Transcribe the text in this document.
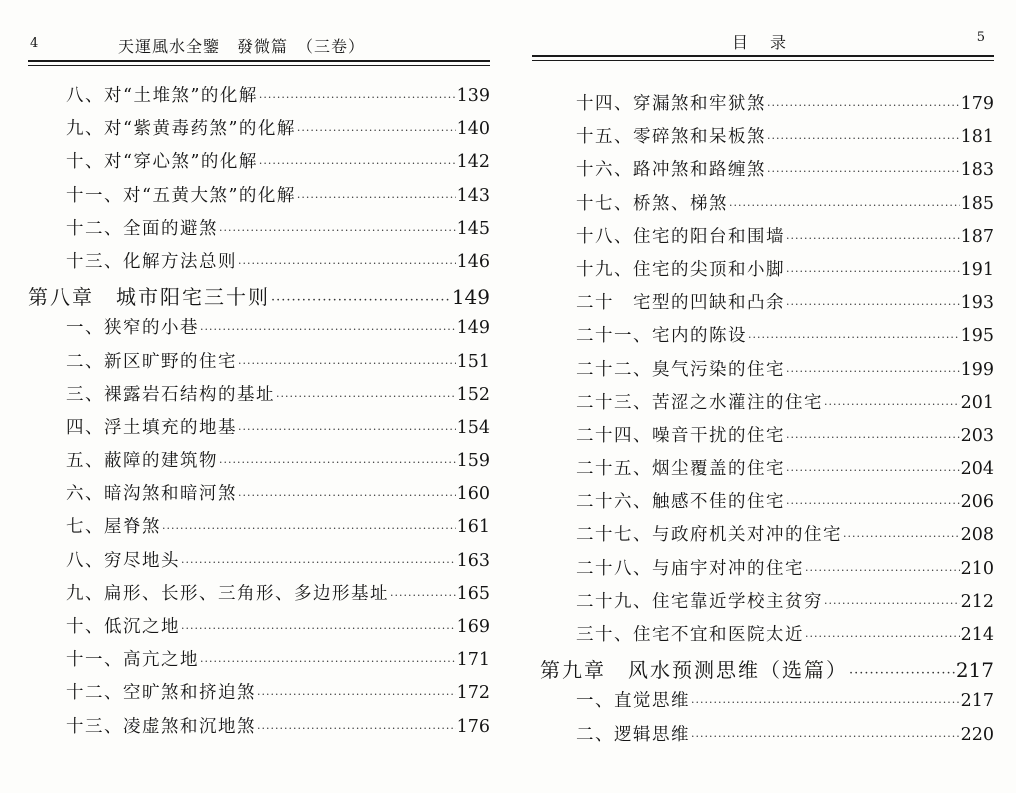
4	天運風水全鑒　發微篇　（三卷）
八、对“土堆煞”的化解 ·····	139
九、对“紫黄毒药煞”的化解 ·····	140
十、对“穿心煞”的化解 ·····	142
十一、对“五黄大煞”的化解 ·····	143
十二、全面的避煞 ·····	145
十三、化解方法总则 ·····	146
第八章　城市阳宅三十则 ·····	149
一、狭窄的小巷 ·····	149
二、新区旷野的住宅 ·····	151
三、裸露岩石结构的基址 ·····	152
四、浮土填充的地基 ·····	154
五、蔽障的建筑物 ·····	159
六、暗沟煞和暗河煞 ·····	160
七、屋脊煞 ·····	161
八、穷尽地头 ·····	163
九、扁形、长形、三角形、多边形基址 ·····	165
十、低沉之地 ·····	169
十一、高亢之地 ·····	171
十二、空旷煞和挤迫煞 ·····	172
十三、凌虚煞和沉地煞 ·····	176
目录	5
十四、穿漏煞和牢狱煞 ·····	179
十五、零碎煞和呆板煞 ·····	181
十六、路冲煞和路缠煞 ·····	183
十七、桥煞、梯煞 ·····	185
十八、住宅的阳台和围墙 ·····	187
十九、住宅的尖顶和小脚 ·····	191
二十　宅型的凹缺和凸余 ·····	193
二十一、宅内的陈设 ·····	195
二十二、臭气污染的住宅 ·····	199
二十三、苦涩之水灌注的住宅 ·····	201
二十四、噪音干扰的住宅 ·····	203
二十五、烟尘覆盖的住宅 ·····	204
二十六、触感不佳的住宅 ·····	206
二十七、与政府机关对冲的住宅 ·····	208
二十八、与庙宇对冲的住宅 ·····	210
二十九、住宅靠近学校主贫穷 ·····	212
三十、住宅不宜和医院太近 ·····	214
第九章　风水预测思维（选篇） ·····	217
一、直觉思维 ·····	217
二、逻辑思维 ·····	220
